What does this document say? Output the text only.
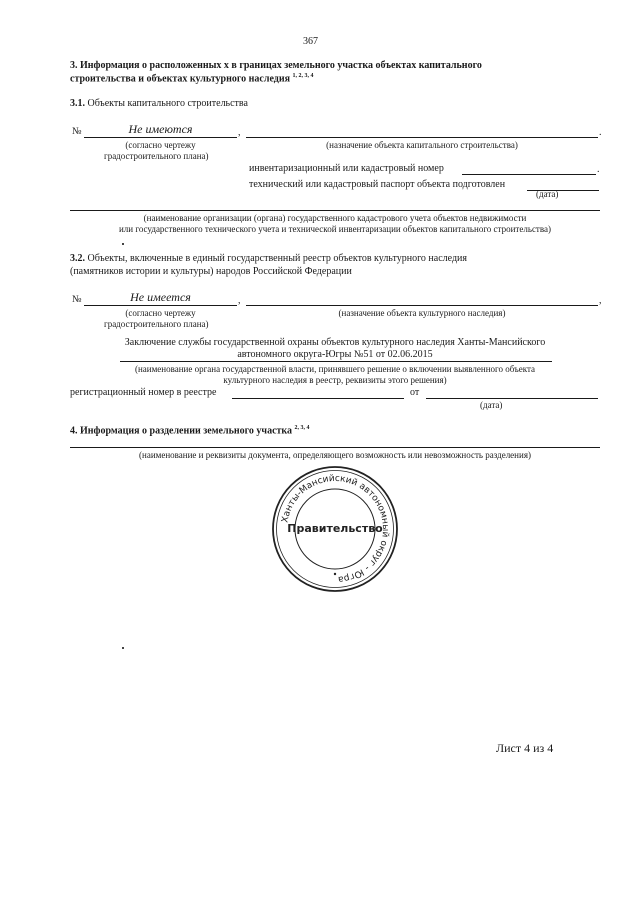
367
3. Информация о расположенных х в границах земельного участка объектах капитального
строительства и объектах культурного наследия $^{1, 2, 3, 4}$
3.1. Объекты капитального строительства
№	Не имеются	,	.
(согласно чертежу
градостроительного плана)
(назначение объекта капитального строительства)
инвентаризационный или кадастровый номер	.
технический или кадастровый паспорт объекта подготовлен
(дата)
(наименование организации (органа) государственного кадастрового учета объектов недвижимости
или государственного технического учета и технической инвентаризации объектов капитального строительства)
3.2. Объекты, включенные в единый государственный реестр объектов культурного наследия
(памятников истории и культуры) народов Российской Федерации
№	Не имеется	,	,
(согласно чертежу
градостроительного плана)
(назначение объекта культурного наследия)
Заключение службы государственной охраны объектов культурного наследия Ханты-Мансийского
автономного округа-Югры №51 от 02.06.2015
(наименование органа государственной власти, принявшего решение о включении выявленного объекта
культурного наследия в реестр, реквизиты этого решения)
регистрационный номер в реестре	от
(дата)
4. Информация о разделении земельного участка $^{2, 3, 4}$
(наименование и реквизиты документа, определяющего возможность или невозможность разделения)
Ханты-Мансийский автономный округ - Югра
Правительство
Лист 4 из 4
